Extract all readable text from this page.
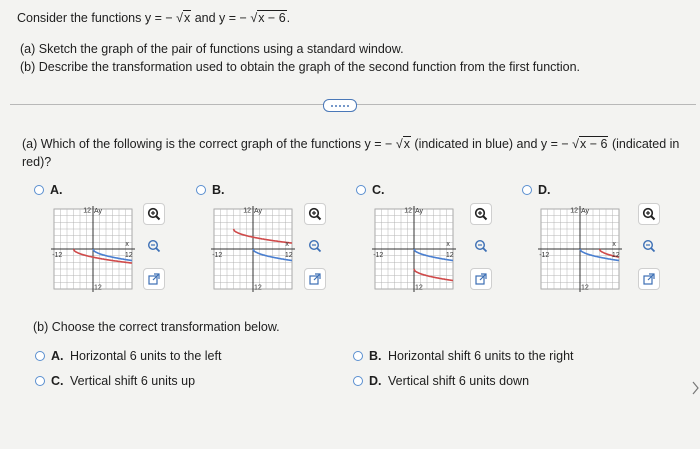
Consider the functions y = − √x and y = − √x − 6.
(a) Sketch the graph of the pair of functions using a standard window.
(b) Describe the transformation used to obtain the graph of the second function from the first function.
(a) Which of the following is the correct graph of the functions y = − √x (indicated in blue) and y = − √x − 6 (indicated in
red)?
A.	B.	C.	D.
Ay
12
x
-12	12
12
Ay
12
x
-12	12
12
Ay
12
x
-12	12
12
Ay
12
x
-12	12
12
(b) Choose the correct transformation below.
A. Horizontal 6 units to the left
C. Vertical shift 6 units up
B. Horizontal shift 6 units to the right
D. Vertical shift 6 units down
